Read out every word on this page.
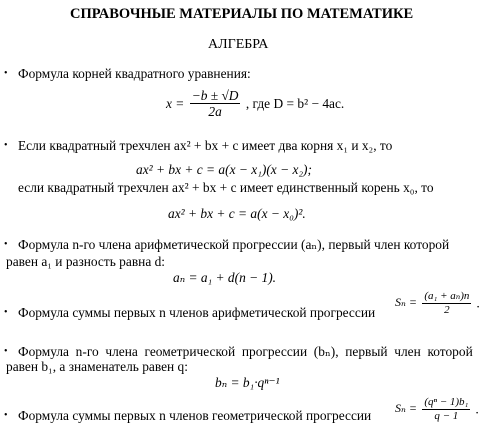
СПРАВОЧНЫЕ МАТЕРИАЛЫ ПО МАТЕМАТИКЕ
АЛГЕБРА
• Формула корней квадратного уравнения:
$x = \frac{-b \pm √D}{2a}$ , где D = b² − 4ac.
• Если квадратный трехчлен ax² + bx + c имеет два корня x₁ и x₂, то
ax² + bx + c = a(x − x₁)(x − x₂);
если квадратный трехчлен ax² + bx + c имеет единственный корень x₀, то
ax² + bx + c = a(x − x₀)².
• Формула n-го члена арифметической прогрессии (aₙ), первый член которой
равен a₁ и разность равна d:
aₙ = a₁ + d(n − 1).
• Формула суммы первых n членов арифметической прогрессии
$S_n = \frac{\text{(a₁ + aₙ)n}}{2}$ .
• Формула  n-го  члена  геометрической  прогрессии  (bₙ),  первый  член  которой
равен b₁, а знаменатель равен q:
bₙ = b₁·qⁿ⁻¹
• Формула суммы первых n членов геометрической прогрессии $S_n = \frac{\text{(qⁿ − 1)b₁}}{q - 1}$ .
